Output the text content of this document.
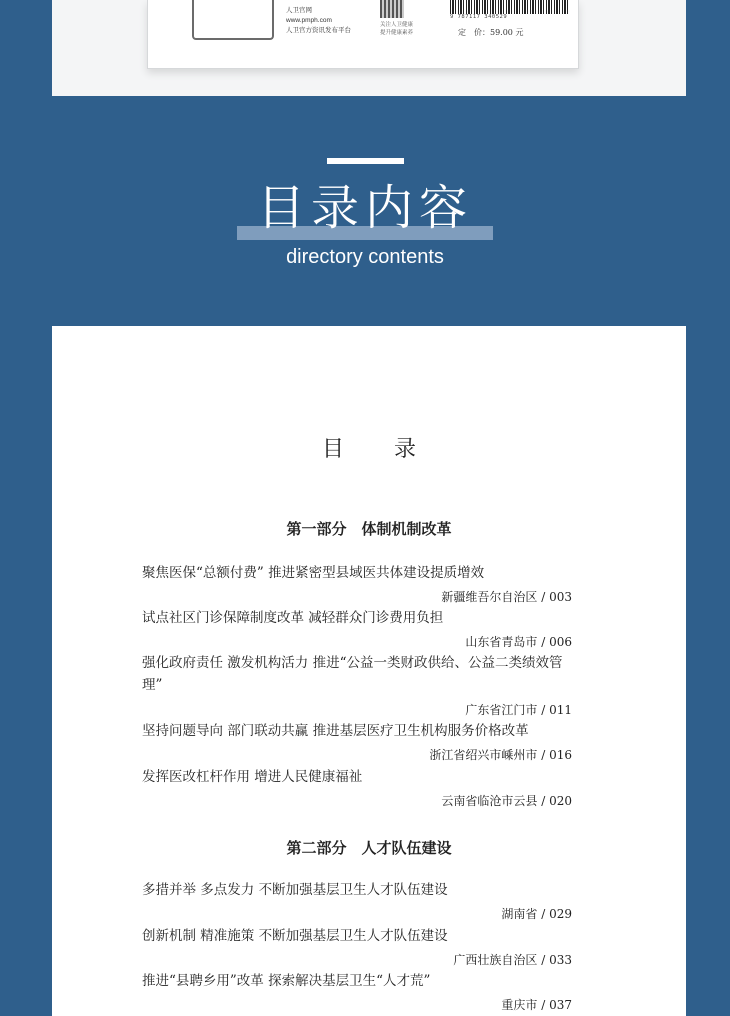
人卫官网
www.pmph.com
人卫官方资讯发布平台
关注人卫健康
提升健康素养
9 787117 340529
定　价：59.00 元
目录内容
directory contents
目录
第一部分　体制机制改革
聚焦医保“总额付费” 推进紧密型县域医共体建设提质增效
新疆维吾尔自治区 / 003
试点社区门诊保障制度改革 减轻群众门诊费用负担
山东省青岛市 / 006
强化政府责任 激发机构活力 推进“公益一类财政供给、公益二类绩效管理”
广东省江门市 / 011
坚持问题导向 部门联动共赢 推进基层医疗卫生机构服务价格改革
浙江省绍兴市嵊州市 / 016
发挥医改杠杆作用 增进人民健康福祉
云南省临沧市云县 / 020
第二部分　人才队伍建设
多措并举 多点发力 不断加强基层卫生人才队伍建设
湖南省 / 029
创新机制 精准施策 不断加强基层卫生人才队伍建设
广西壮族自治区 / 033
推进“县聘乡用”改革 探索解决基层卫生“人才荒”
重庆市 / 037
